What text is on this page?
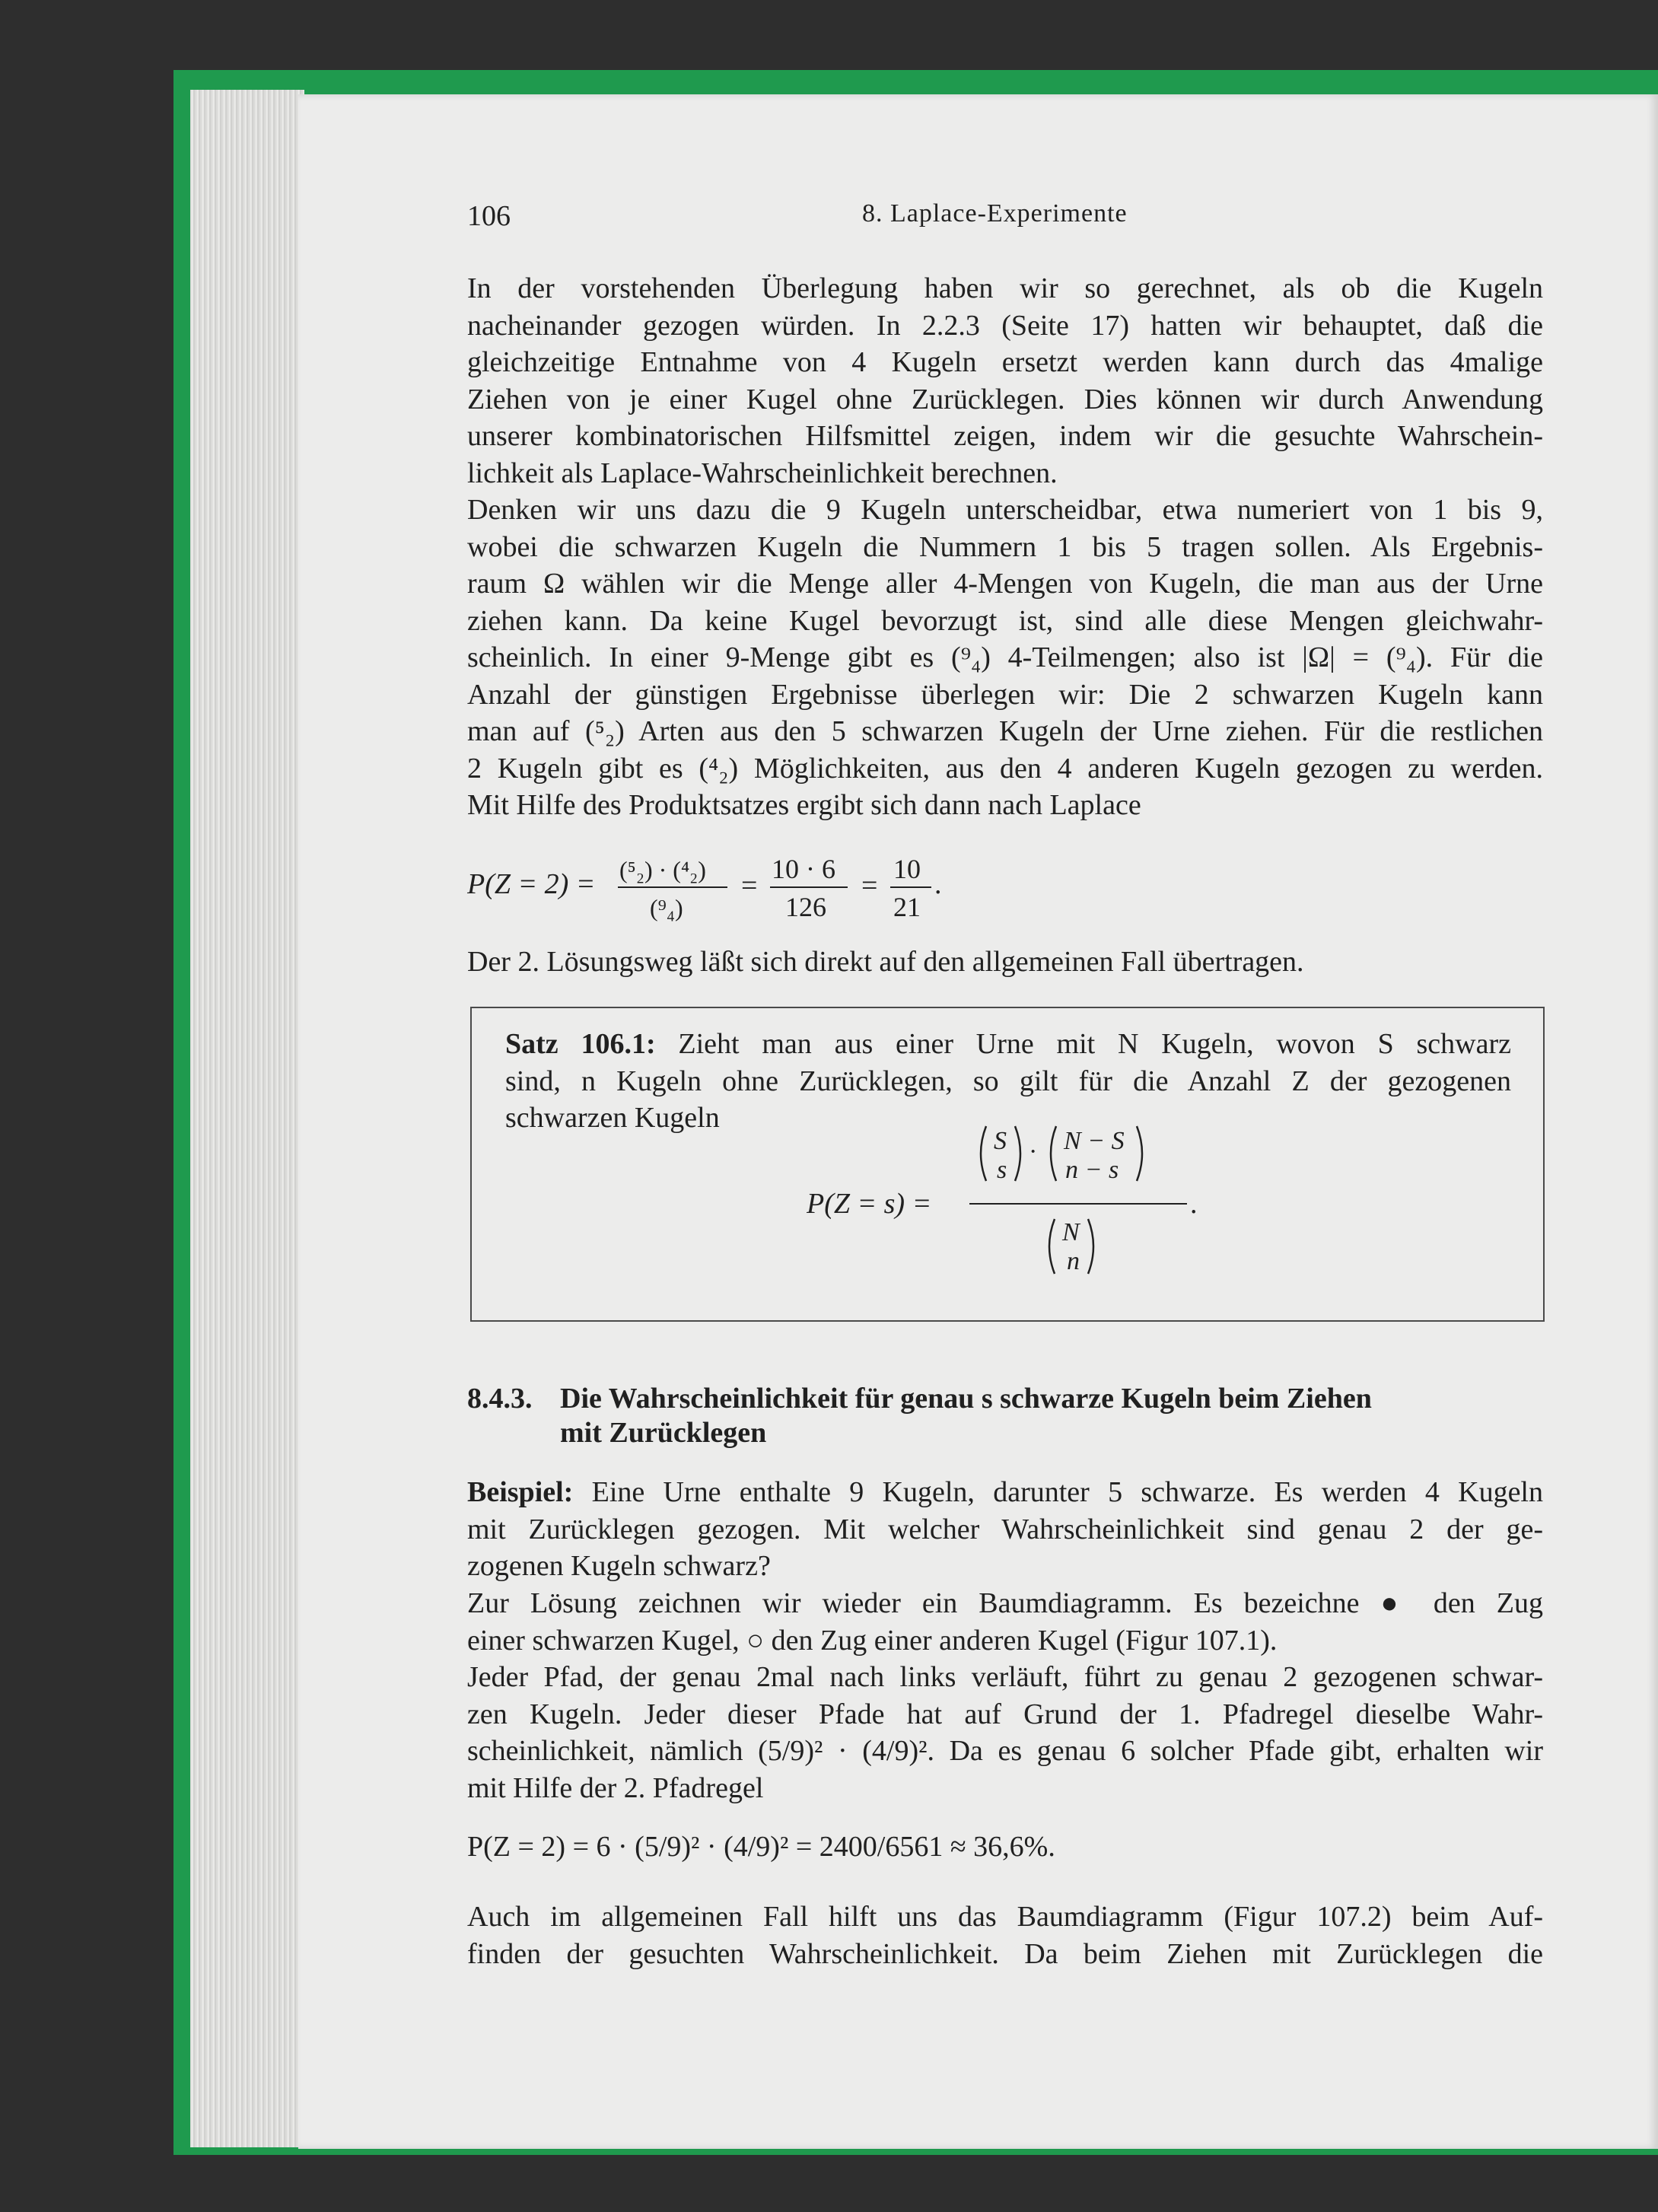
106	8. Laplace-Experimente
In der vorstehenden Überlegung haben wir so gerechnet, als ob die Kugeln
nacheinander gezogen würden. In 2.2.3 (Seite 17) hatten wir behauptet, daß die
gleichzeitige Entnahme von 4 Kugeln ersetzt werden kann durch das 4malige
Ziehen von je einer Kugel ohne Zurücklegen. Dies können wir durch Anwendung
unserer kombinatorischen Hilfsmittel zeigen, indem wir die gesuchte Wahrschein-
lichkeit als Laplace-Wahrscheinlichkeit berechnen.
Denken wir uns dazu die 9 Kugeln unterscheidbar, etwa numeriert von 1 bis 9,
wobei die schwarzen Kugeln die Nummern 1 bis 5 tragen sollen. Als Ergebnis-
raum Ω wählen wir die Menge aller 4-Mengen von Kugeln, die man aus der Urne
ziehen kann. Da keine Kugel bevorzugt ist, sind alle diese Mengen gleichwahr-
scheinlich. In einer 9-Menge gibt es (⁹₄) 4-Teilmengen; also ist |Ω| = (⁹₄). Für die
Anzahl der günstigen Ergebnisse überlegen wir: Die 2 schwarzen Kugeln kann
man auf (⁵₂) Arten aus den 5 schwarzen Kugeln der Urne ziehen. Für die restlichen
2 Kugeln gibt es (⁴₂) Möglichkeiten, aus den 4 anderen Kugeln gezogen zu werden.
Mit Hilfe des Produktsatzes ergibt sich dann nach Laplace
P(Z = 2) = (⁵₂) · (⁴₂)
(⁹₄)
=
10 · 6
126
=
10
21
.
Der 2. Lösungsweg läßt sich direkt auf den allgemeinen Fall übertragen.
Satz 106.1: Zieht man aus einer Urne mit N Kugeln, wovon S schwarz
sind, n Kugeln ohne Zurücklegen, so gilt für die Anzahl Z der gezogenen
schwarzen Kugeln
P(Z = s) =
S
s
· N − S
n − s
.
N
n
8.4.3. Die Wahrscheinlichkeit für genau s schwarze Kugeln beim Ziehen
mit Zurücklegen
Beispiel: Eine Urne enthalte 9 Kugeln, darunter 5 schwarze. Es werden 4 Kugeln
mit Zurücklegen gezogen. Mit welcher Wahrscheinlichkeit sind genau 2 der ge-
zogenen Kugeln schwarz?
Zur Lösung zeichnen wir wieder ein Baumdiagramm. Es bezeichne ● den Zug
einer schwarzen Kugel, ○ den Zug einer anderen Kugel (Figur 107.1).
Jeder Pfad, der genau 2mal nach links verläuft, führt zu genau 2 gezogenen schwar-
zen Kugeln. Jeder dieser Pfade hat auf Grund der 1. Pfadregel dieselbe Wahr-
scheinlichkeit, nämlich (5/9)² · (4/9)². Da es genau 6 solcher Pfade gibt, erhalten wir
mit Hilfe der 2. Pfadregel
P(Z = 2) = 6 · (5/9)² · (4/9)² = 2400/6561 ≈ 36,6%.
Auch im allgemeinen Fall hilft uns das Baumdiagramm (Figur 107.2) beim Auf-
finden der gesuchten Wahrscheinlichkeit. Da beim Ziehen mit Zurücklegen die
